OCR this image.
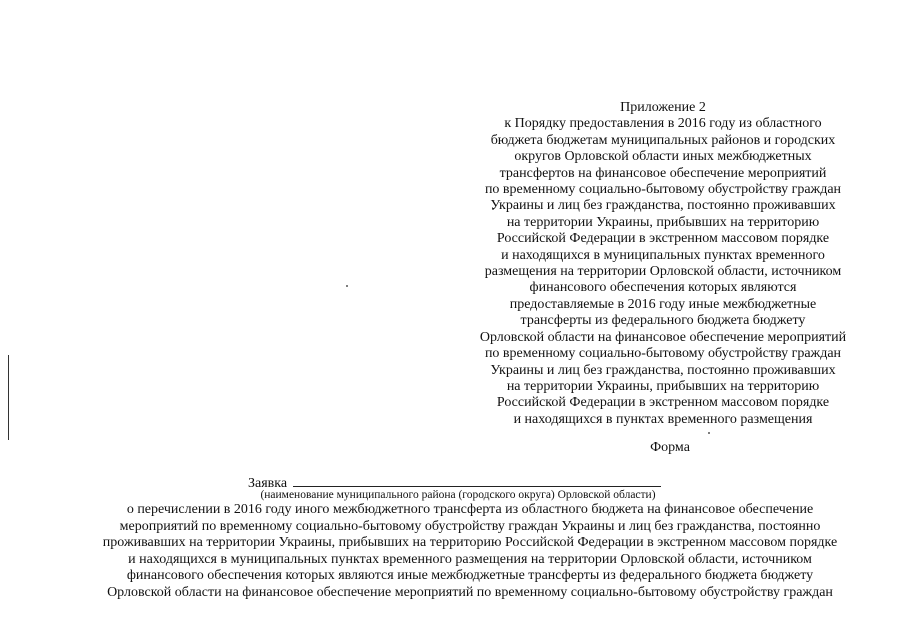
Приложение 2
к Порядку предоставления в 2016 году из областного
бюджета бюджетам муниципальных районов и городских
округов Орловской области иных межбюджетных
трансфертов на финансовое обеспечение мероприятий
по временному социально-бытовому обустройству граждан
Украины и лиц без гражданства, постоянно проживавших
на территории Украины, прибывших на территорию
Российской Федерации в экстренном массовом порядке
и находящихся в муниципальных пунктах временного
размещения на территории Орловской области, источником
финансового обеспечения которых являются
предоставляемые в 2016 году иные межбюджетные
трансферты из федерального бюджета бюджету
Орловской области на финансовое обеспечение мероприятий
по временному социально-бытовому обустройству граждан
Украины и лиц без гражданства, постоянно проживавших
на территории Украины, прибывших на территорию
Российской Федерации в экстренном массовом порядке
и находящихся в пунктах временного размещения
Форма
Заявка
(наименование муниципального района (городского округа) Орловской области)
о перечислении в 2016 году иного межбюджетного трансферта из областного бюджета на финансовое обеспечение
мероприятий по временному социально-бытовому обустройству граждан Украины и лиц без гражданства, постоянно
проживавших на территории Украины, прибывших на территорию Российской Федерации в экстренном массовом порядке
и находящихся в муниципальных пунктах временного размещения на территории Орловской области, источником
финансового обеспечения которых являются иные межбюджетные трансферты из федерального бюджета бюджету
Орловской области на финансовое обеспечение мероприятий по временному социально-бытовому обустройству граждан
